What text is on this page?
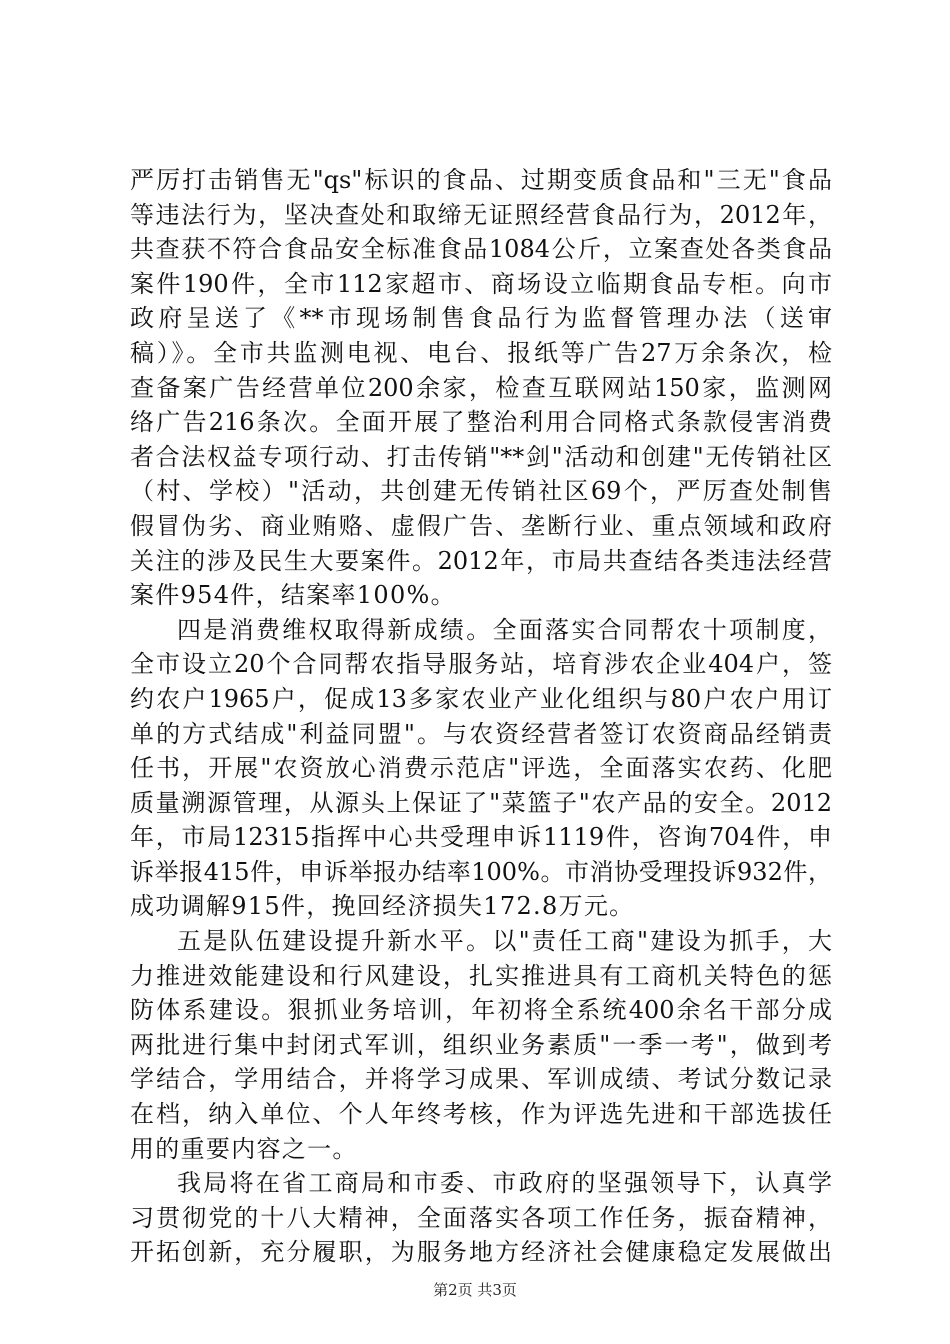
严厉打击销售无"qs"标识的食品、过期变质食品和"三无"食品
等违法行为，坚决查处和取缔无证照经营食品行为，2012年，
共查获不符合食品安全标准食品1084公斤，立案查处各类食品
案件190件，全市112家超市、商场设立临期食品专柜。向市
政府呈送了《**市现场制售食品行为监督管理办法（送审
稿）》。全市共监测电视、电台、报纸等广告27万余条次，检
查备案广告经营单位200余家，检查互联网站150家，监测网
络广告216条次。全面开展了整治利用合同格式条款侵害消费
者合法权益专项行动、打击传销"**剑"活动和创建"无传销社区
（村、学校）"活动，共创建无传销社区69个，严厉查处制售
假冒伪劣、商业贿赂、虚假广告、垄断行业、重点领域和政府
关注的涉及民生大要案件。2012年，市局共查结各类违法经营
案件954件，结案率100%。
四是消费维权取得新成绩。全面落实合同帮农十项制度，
全市设立20个合同帮农指导服务站，培育涉农企业404户，签
约农户1965户，促成13多家农业产业化组织与80户农户用订
单的方式结成"利益同盟"。与农资经营者签订农资商品经销责
任书，开展"农资放心消费示范店"评选，全面落实农药、化肥
质量溯源管理，从源头上保证了"菜篮子"农产品的安全。2012
年，市局12315指挥中心共受理申诉1119件，咨询704件，申
诉举报415件，申诉举报办结率100%。市消协受理投诉932件，
成功调解915件，挽回经济损失172.8万元。
五是队伍建设提升新水平。以"责任工商"建设为抓手，大
力推进效能建设和行风建设，扎实推进具有工商机关特色的惩
防体系建设。狠抓业务培训，年初将全系统400余名干部分成
两批进行集中封闭式军训，组织业务素质"一季一考"，做到考
学结合，学用结合，并将学习成果、军训成绩、考试分数记录
在档，纳入单位、个人年终考核，作为评选先进和干部选拔任
用的重要内容之一。
我局将在省工商局和市委、市政府的坚强领导下，认真学
习贯彻党的十八大精神，全面落实各项工作任务，振奋精神，
开拓创新，充分履职，为服务地方经济社会健康稳定发展做出
第2页 共3页
